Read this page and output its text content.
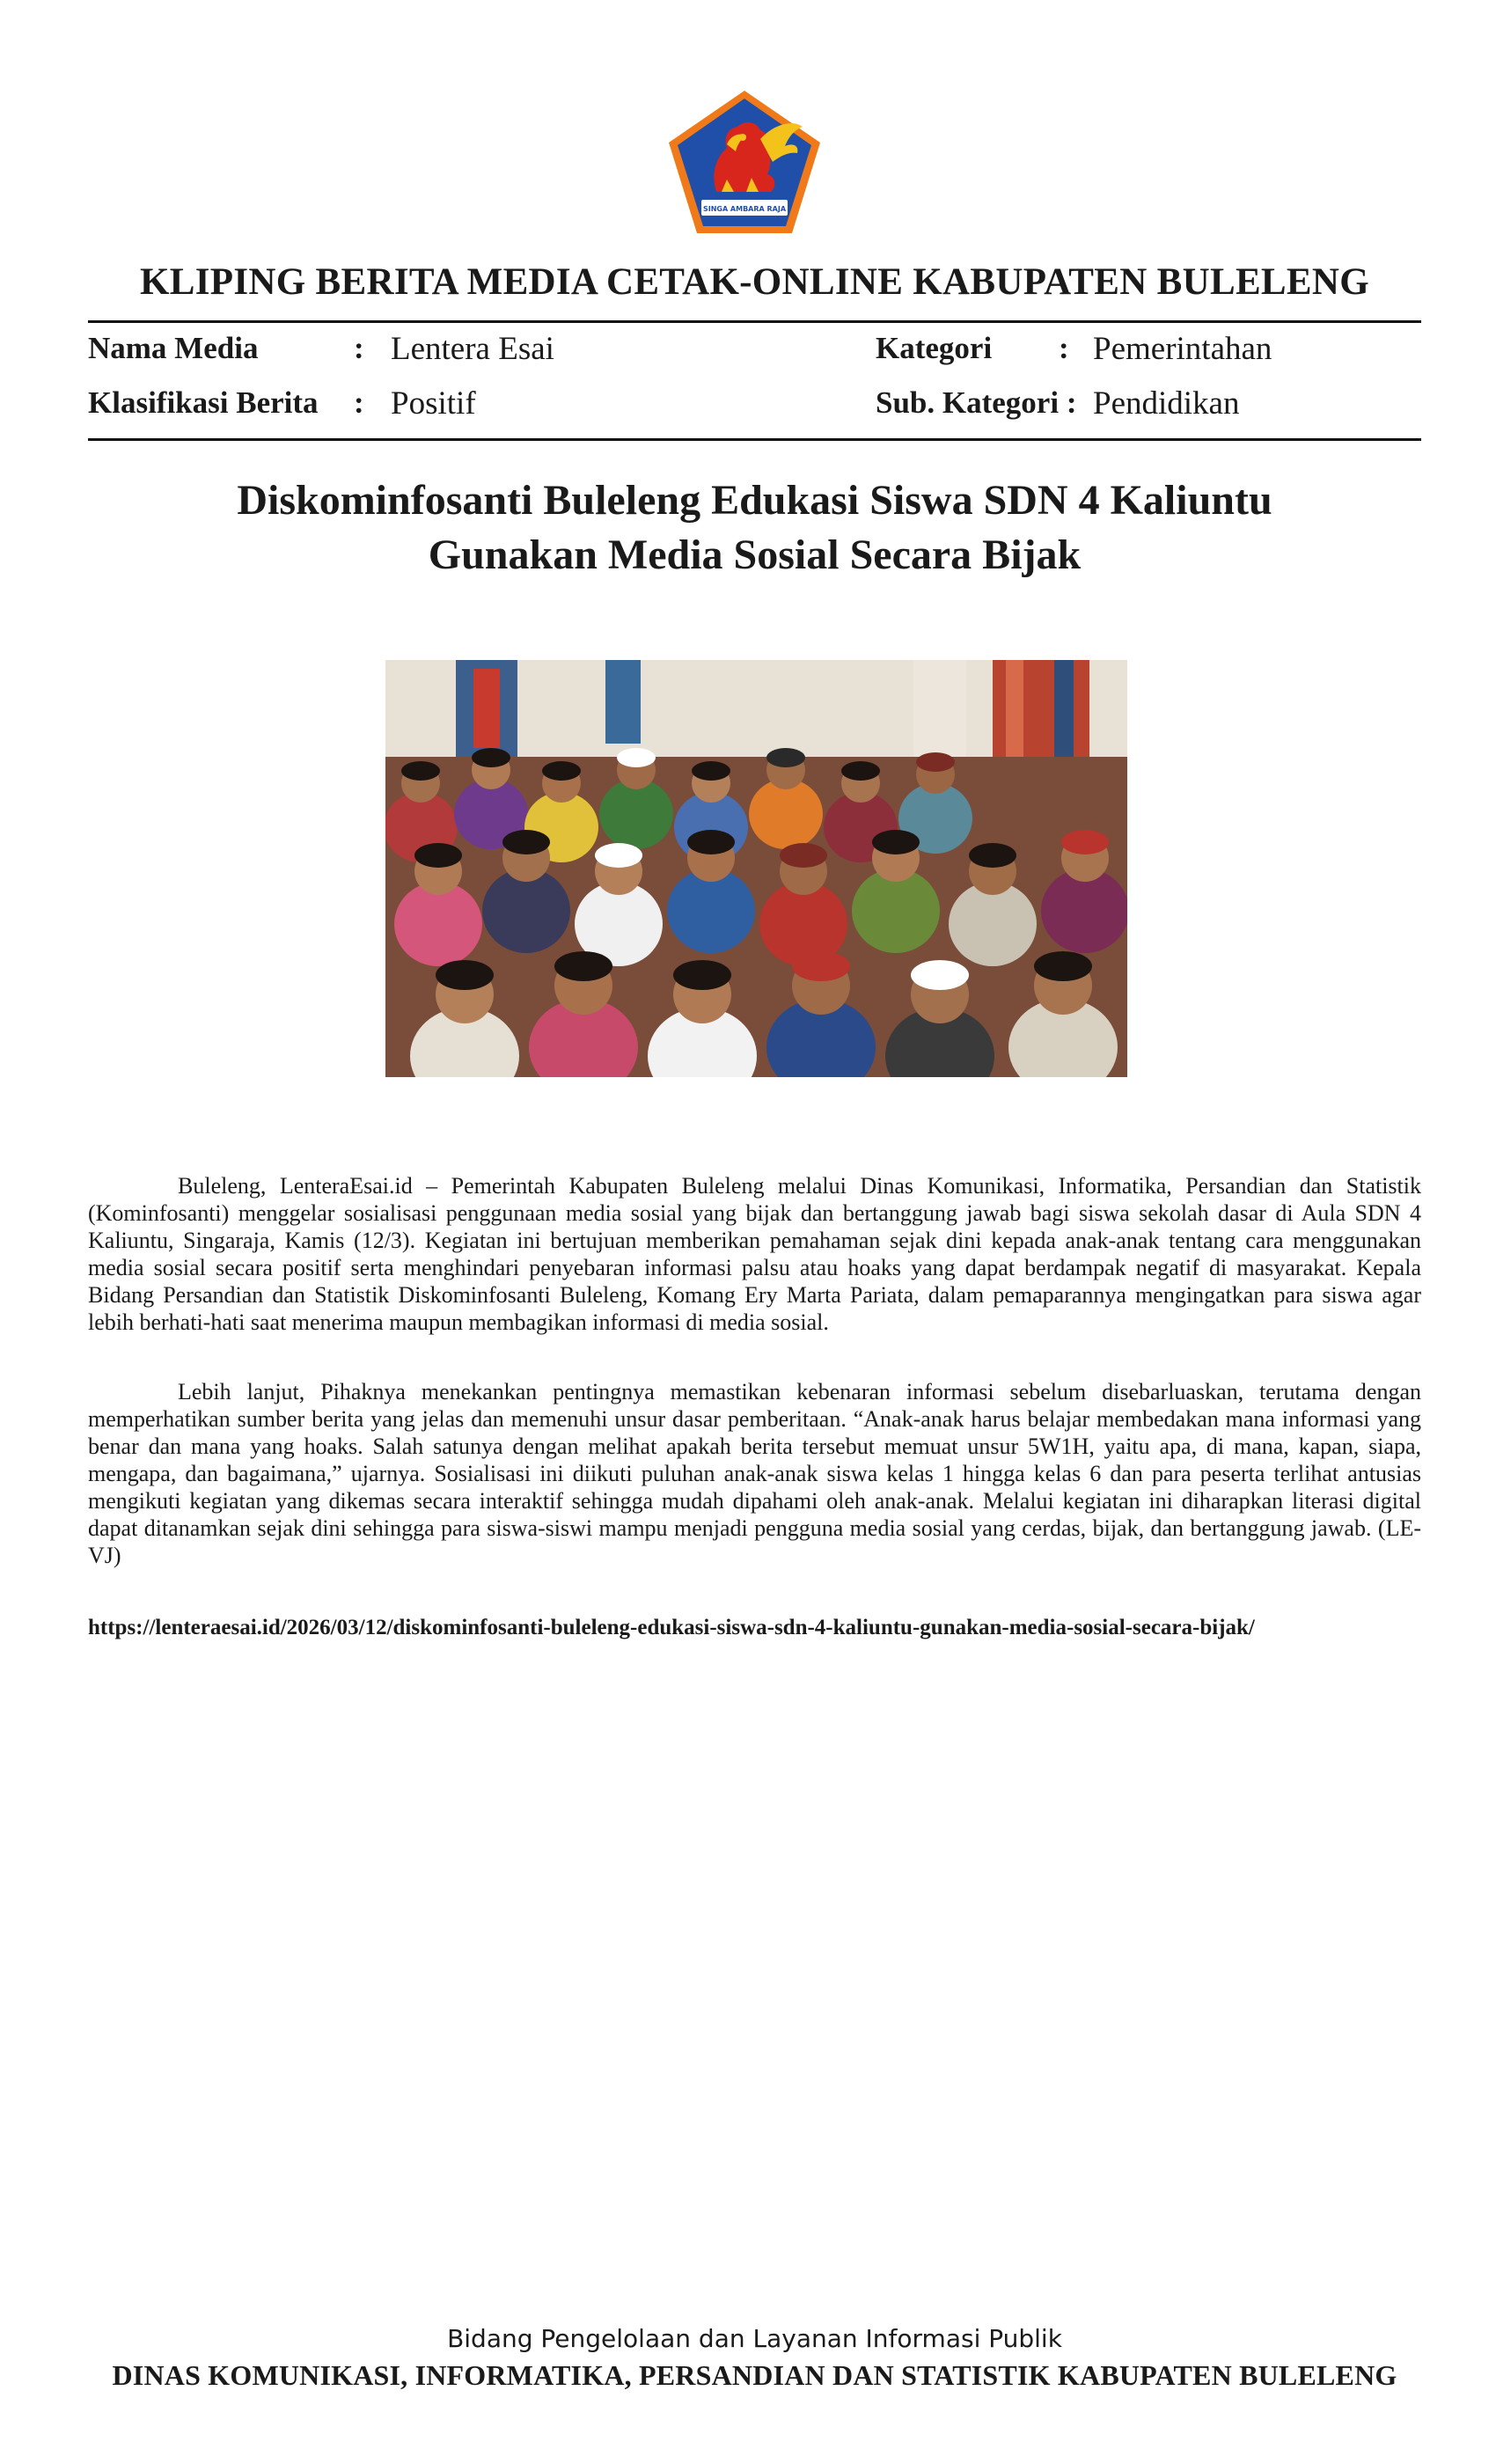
SINGA AMBARA RAJA
KLIPING BERITA MEDIA CETAK-ONLINE KABUPATEN BULELENG
Nama Media	: Lentera Esai	Kategori : Pemerintahan
Klasifikasi Berita : Positif	Sub. Kategori : Pendidikan
Diskominfosanti Buleleng Edukasi Siswa SDN 4 Kaliuntu
Gunakan Media Sosial Secara Bijak

Buleleng, LenteraEsai.id – Pemerintah Kabupaten Buleleng melalui Dinas Komunikasi, Informatika, Persandian dan Statistik (Kominfosanti) menggelar sosialisasi penggunaan media sosial yang bijak dan bertanggung jawab bagi siswa sekolah dasar di Aula SDN 4 Kaliuntu, Singaraja, Kamis (12/3). Kegiatan ini bertujuan memberikan pemahaman sejak dini kepada anak-anak tentang cara menggunakan media sosial secara positif serta menghindari penyebaran informasi palsu atau hoaks yang dapat berdampak negatif di masyarakat. Kepala Bidang Persandian dan Statistik Diskominfosanti Buleleng, Komang Ery Marta Pariata, dalam pemaparannya mengingatkan para siswa agar lebih berhati-hati saat menerima maupun membagikan informasi di media sosial.

Lebih lanjut, Pihaknya menekankan pentingnya memastikan kebenaran informasi sebelum disebarluaskan, terutama dengan memperhatikan sumber berita yang jelas dan memenuhi unsur dasar pemberitaan. “Anak-anak harus belajar membedakan mana informasi yang benar dan mana yang hoaks. Salah satunya dengan melihat apakah berita tersebut memuat unsur 5W1H, yaitu apa, di mana, kapan, siapa, mengapa, dan bagaimana,” ujarnya. Sosialisasi ini diikuti puluhan anak-anak siswa kelas 1 hingga kelas 6 dan para peserta terlihat antusias mengikuti kegiatan yang dikemas secara interaktif sehingga mudah dipahami oleh anak-anak. Melalui kegiatan ini diharapkan literasi digital dapat ditanamkan sejak dini sehingga para siswa-siswi mampu menjadi pengguna media sosial yang cerdas, bijak, dan bertanggung jawab. (LE-VJ)

https://lenteraesai.id/2026/03/12/diskominfosanti-buleleng-edukasi-siswa-sdn-4-kaliuntu-gunakan-media-sosial-secara-bijak/
Bidang Pengelolaan dan Layanan Informasi Publik
DINAS KOMUNIKASI, INFORMATIKA, PERSANDIAN DAN STATISTIK KABUPATEN BULELENG
